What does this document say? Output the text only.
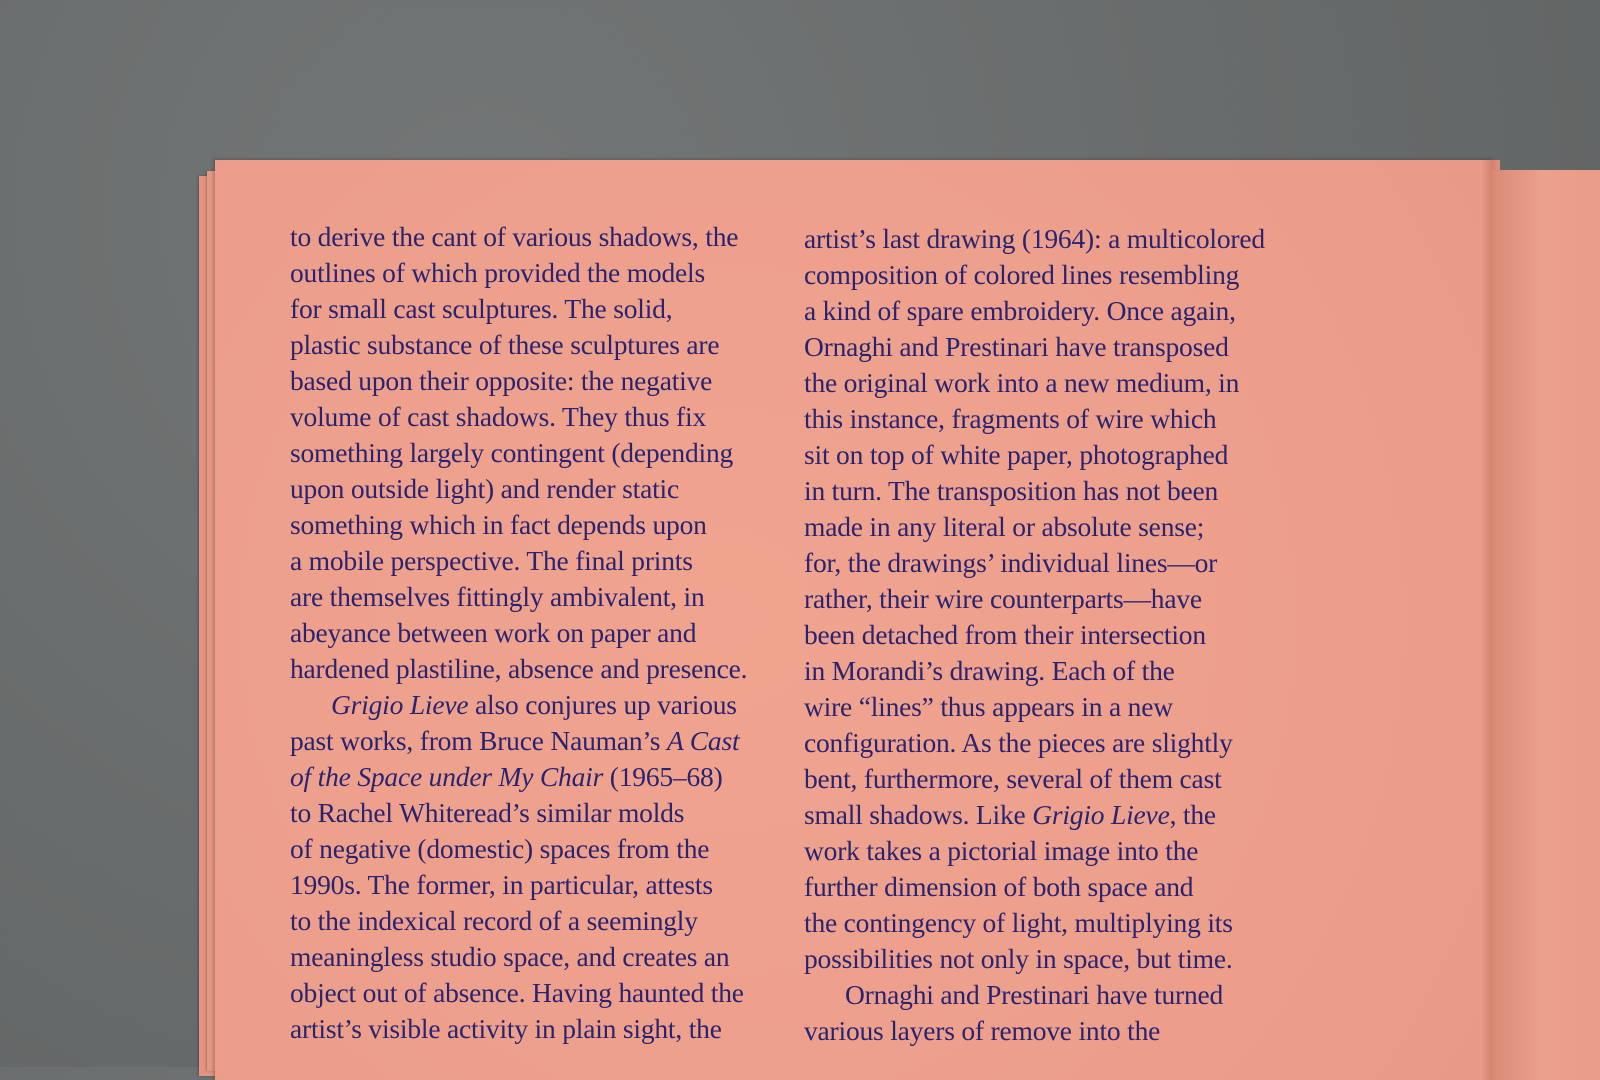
to derive the cant of various shadows, the
outlines of which provided the models
for small cast sculptures. The solid,
plastic substance of these sculptures are
based upon their opposite: the negative
volume of cast shadows. They thus fix
something largely contingent (depending
upon outside light) and render static
something which in fact depends upon
a mobile perspective. The final prints
are themselves fittingly ambivalent, in
abeyance between work on paper and
hardened plastiline, absence and presence.
Grigio Lieve also conjures up various
past works, from Bruce Nauman’s A Cast
of the Space under My Chair (1965–68)
to Rachel Whiteread’s similar molds
of negative (domestic) spaces from the
1990s. The former, in particular, attests
to the indexical record of a seemingly
meaningless studio space, and creates an
object out of absence. Having haunted the
artist’s visible activity in plain sight, the
artist’s last drawing (1964): a multicolored
composition of colored lines resembling
a kind of spare embroidery. Once again,
Ornaghi and Prestinari have transposed
the original work into a new medium, in
this instance, fragments of wire which
sit on top of white paper, photographed
in turn. The transposition has not been
made in any literal or absolute sense;
for, the drawings’ individual lines—or
rather, their wire counterparts—have
been detached from their intersection
in Morandi’s drawing. Each of the
wire “lines” thus appears in a new
configuration. As the pieces are slightly
bent, furthermore, several of them cast
small shadows. Like Grigio Lieve, the
work takes a pictorial image into the
further dimension of both space and
the contingency of light, multiplying its
possibilities not only in space, but time.
Ornaghi and Prestinari have turned
various layers of remove into the
